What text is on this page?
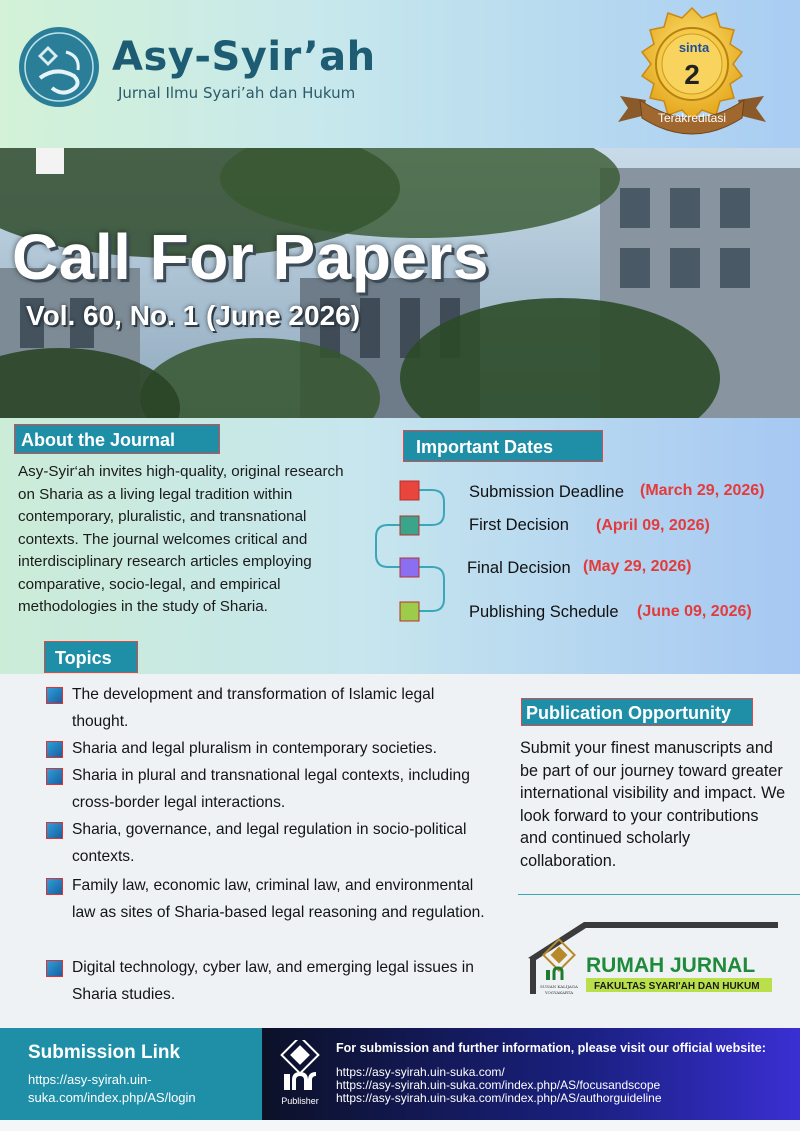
Asy-Syir’ah
Jurnal Ilmu Syari’ah dan Hukum
sinta
2
Terakreditasi
Call For Papers
Vol. 60, No. 1 (June 2026)
About the Journal
Asy-Syir‘ah invites high-quality, original research on Sharia as a living legal tradition within contemporary, pluralistic, and transnational contexts. The journal welcomes critical and interdisciplinary research articles employing comparative, socio-legal, and empirical methodologies in the study of Sharia.
Important Dates
Submission Deadline (March 29, 2026)
First Decision (April 09, 2026)
Final Decision (May 29, 2026)
Publishing Schedule (June 09, 2026)
Topics
The development and transformation of Islamic legal thought.
Sharia and legal pluralism in contemporary societies.
Sharia in plural and transnational legal contexts, including cross-border legal interactions.
Sharia, governance, and legal regulation in socio-political contexts.
Family law, economic law, criminal law, and environmental law as sites of Sharia-based legal reasoning and regulation.
Digital technology, cyber law, and emerging legal issues in Sharia studies.
Publication Opportunity
Submit your finest manuscripts and be part of our journey toward greater international visibility and impact. We look forward to your contributions and continued scholarly collaboration.
SUNAN KALIJAGA
YOGYAKARTA
RUMAH JURNAL
FAKULTAS SYARI'AH DAN HUKUM
Submission Link
https://asy-syirah.uin-suka.com/index.php/AS/login	Publisher
For submission and further information, please visit our official website:
https://asy-syirah.uin-suka.com/
https://asy-syirah.uin-suka.com/index.php/AS/focusandscope
https://asy-syirah.uin-suka.com/index.php/AS/authorguideline
